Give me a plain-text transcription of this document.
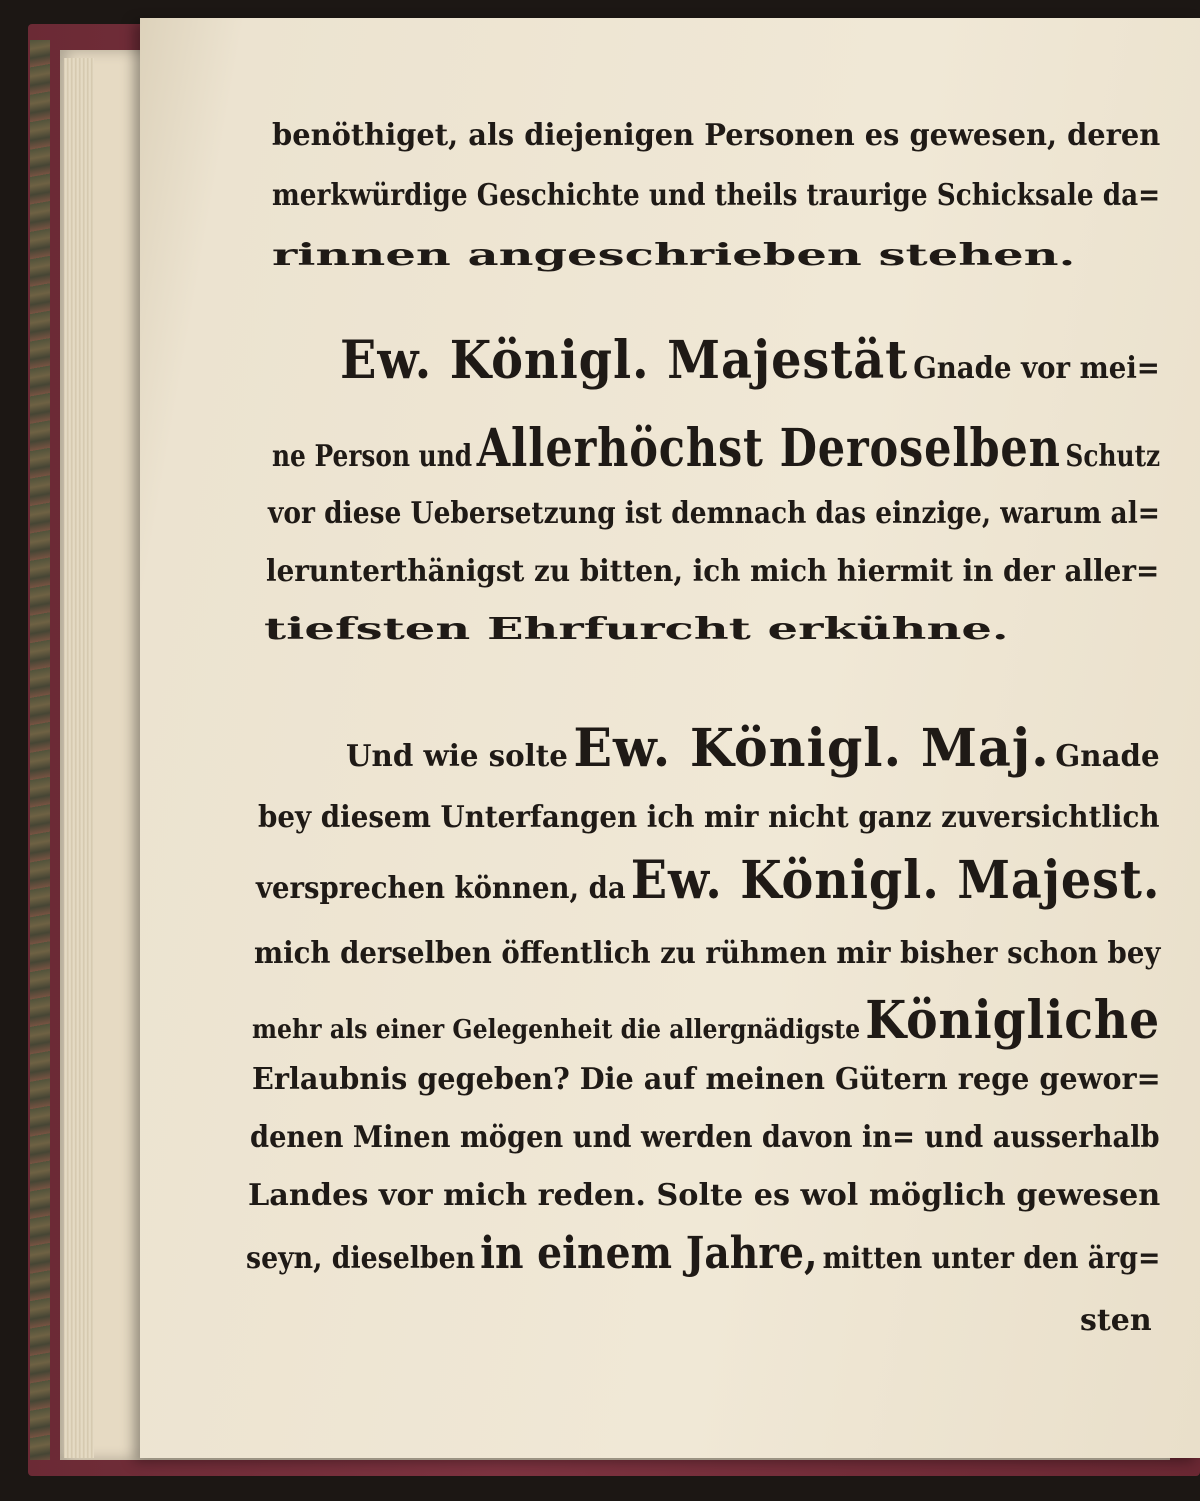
benöthiget, als diejenigen Personen es gewesen, deren
merkwürdige Geschichte und theils traurige Schicksale da=
rinnen angeschrieben stehen.
Ew. Königl. Majestät Gnade vor mei=
ne Person und Allerhöchst Deroselben Schutz
vor diese Uebersetzung ist demnach das einzige, warum al=
lerunterthänigst zu bitten, ich mich hiermit in der aller=
tiefsten Ehrfurcht erkühne.
Und wie solte Ew. Königl. Maj. Gnade
bey diesem Unterfangen ich mir nicht ganz zuversichtlich
versprechen können, da Ew. Königl. Majest.
mich derselben öffentlich zu rühmen mir bisher schon bey
mehr als einer Gelegenheit die allergnädigste Königliche
Erlaubnis gegeben? Die auf meinen Gütern rege gewor=
denen Minen mögen und werden davon in= und ausserhalb
Landes vor mich reden. Solte es wol möglich gewesen
seyn, dieselben in einem Jahre, mitten unter den ärg=
sten
